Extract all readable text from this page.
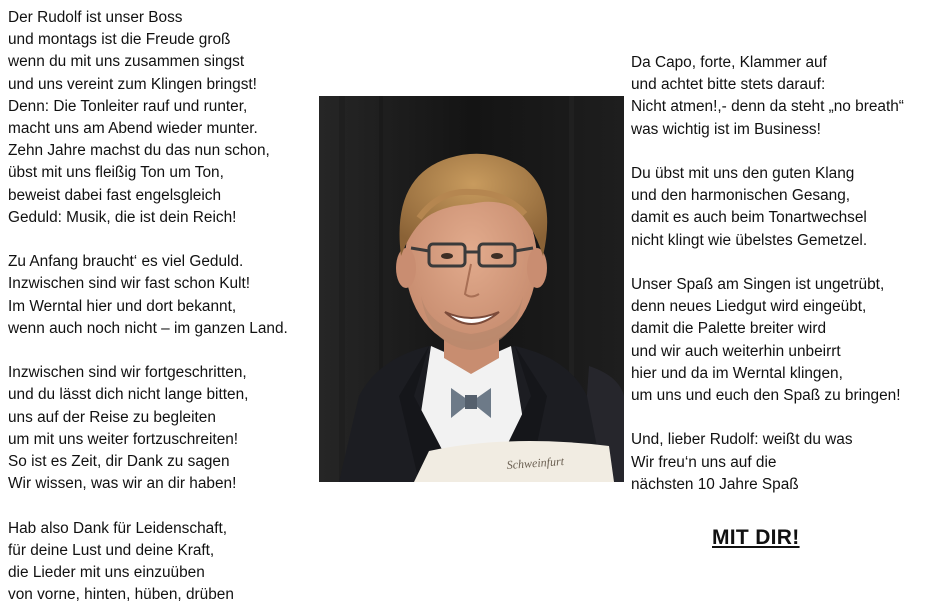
Der Rudolf ist unser Boss

und montags ist die Freude groß

wenn du mit uns zusammen singst

und uns vereint zum Klingen bringst!

Denn: Die Tonleiter rauf und runter,

macht uns am Abend wieder munter.

Zehn Jahre machst du das nun schon,

übst mit uns fleißig Ton um Ton,

beweist dabei fast engelsgleich

Geduld: Musik, die ist dein Reich!

Zu Anfang braucht‘ es viel Geduld.

Inzwischen sind wir fast schon Kult!

Im Werntal hier und dort bekannt,

wenn auch noch nicht – im ganzen Land.

Inzwischen sind wir fortgeschritten,

und du lässt dich nicht lange bitten,

uns auf der Reise zu begleiten

um mit uns weiter fortzuschreiten!

So ist es Zeit, dir Dank zu sagen

Wir wissen, was wir an dir haben!

Hab also Dank für Leidenschaft,

für deine Lust und deine Kraft,

die Lieder mit uns einzuüben

von vorne, hinten, hüben, drüben

Schweinfurt

Da Capo, forte, Klammer auf

und achtet bitte stets darauf:

Nicht atmen!,- denn da steht „no breath“

was wichtig ist im Business!

Du übst mit uns den guten Klang

und den harmonischen Gesang,

damit es auch beim Tonartwechsel

nicht klingt wie übelstes Gemetzel.

Unser Spaß am Singen ist ungetrübt,

denn neues Liedgut wird eingeübt,

damit die Palette breiter wird

und wir auch weiterhin unbeirrt

hier und da im Werntal klingen,

um uns und euch den Spaß zu bringen!

Und, lieber Rudolf: weißt du was

Wir freu‘n uns auf die

nächsten 10 Jahre Spaß

MIT DIR!
